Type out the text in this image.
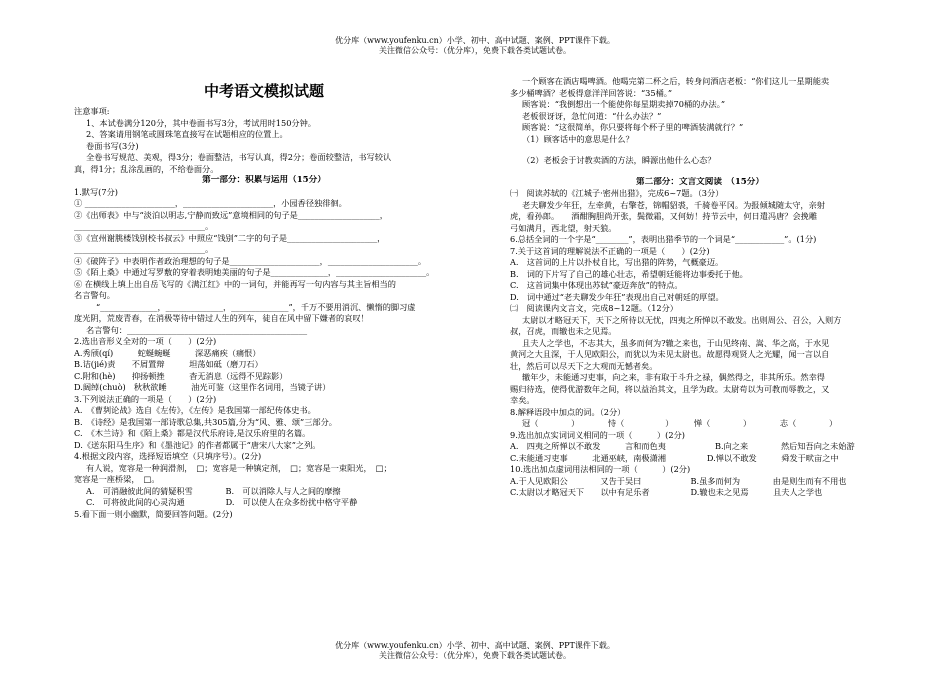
优分库（www.youfenku.cn）小学、初中、高中试题、案例、PPT课件下载。
关注微信公众号：（优分库），免费下载各类试题试卷。
中考语文模拟试题
注意事项:
1、本试卷满分120分，其中卷面书写3分，考试用时150分钟。
2、答案请用钢笔或圆珠笔直接写在试题相应的位置上。
卷面书写(3分)
全卷书写规范、美观，得3分；卷面整洁，书写认真，得2分；卷面较整洁，书写较认
真，得1分；乱涂乱画的，不给卷面分。
第一部分：积累与运用（15分）
1.默写(7分)
① ______________________，______________________，小园香径独徘徊。
②《出师表》中与“淡泊以明志,宁静而致远”意境相同的句子是____________________，
________________________________。
③《宣州谢朓楼饯别校书叔云》中照应“饯别”二字的句子是______________________，
________________________________。
④《破阵子》中表明作者政治理想的句子是______________________，______________________。
⑤《陌上桑》中通过写罗敷的穿着表明她美丽的句子是______________，______________________。
⑥ 在横线上填上出自岳飞写的《满江红》中的一词句，并能再写一句内容与其主旨相当的
名言警句。
“______________，______________，______________”，千万不要用消沉、懒惰的脚习虚
度光阴，荒废青春，在消极等待中错过人生的列车，徒自在风中留下嫌者的哀叹！
名言警句：____________________________________________
2.选出音形义全对的一项（　　）(2分)
A.秀颀(qí)　　　蛇蜒蜿蜒　　　深恶痛疾（痛恨）
B.诘(jié)责　　不屑置辩　　　坦荡如砥（磨刀石）
C.附和(hè)　　抑扬顿挫　　　杳无消息（远得不见踪影）
D.阔绰(chuò)　秋秋欲睡　　　油光可鉴（这里作名词用，当镜子讲）
3.下列说法正确的一项是（　　）(2分)
A.　《曹刿论战》选自《左传》，《左传》是我国第一部纪传体史书。
B.　《诗经》是我国第一部诗歌总集,共305篇,分为“风、雅、颂”三部分。
C.　《木兰诗》和《陌上桑》都是汉代乐府诗,是汉乐府里的名篇。
D.《送东阳马生序》和《墨池记》的作者都属于“唐宋八大家”之列。
4.根据文段内容，选择短语填空（只填序号）。(2分)
有人说，宽容是一种润滑剂，　□；宽容是一种镇定剂，　□；宽容是一束阳光，　□；
宽容是一座桥梁，　□。
A.　可消融彼此间的猜疑积雪　　　　B.　可以消除人与人之间的摩擦
C.　可将彼此间的心灵沟通　　　　　D.　可以使人在众多纷扰中格守平静
5.看下面一则小幽默，简要回答问题。(2分)
一个顾客在酒店喝啤酒。他喝完第二杯之后，转身问酒店老板：“你们这儿一星期能卖
多少桶啤酒？老板得意洋洋回答说：“35桶。”
顾客说：“我倒想出一个能使你每星期卖掉70桶的办法。”
老板很讶讶，急忙问道：“什么办法？”
顾客说：“这很简单，你只要将每个杯子里的啤酒装满就行？”
（1）顾客话中的意思是什么？
（2）老板会于讨教卖酒的方法，瞬源出他什么心态？
第二部分：文言文阅读　（15分）
㈠　阅读苏轼的《江城子·密州出猎》，完成6~7题。（3分）
老夫聊发少年狂，左牵黄，右擎苍，锦帽貂裘，千骑卷平冈。为报倾城随太守，亲射
虎，看孙郎。　　酒酣胸胆尚开张，鬓微霜，又何妨！持节云中，何日遣冯唐？会挽雕
弓如满月，西北望，射天狼。
6.总括全词的一个字是“________”，表明出猎季节的一个词是“____________”。(1分)
7.关于这首词的理解说法不正确的一项是（　　）(2分)
A.　这首词的上片以扑杖自比，写出猎的阵势，气概豪迈。
B.　词的下片写了自己的雄心壮志，希望朝廷能将边事委托于他。
C.　这首词集中体现出苏轼“豪迈奔放”的特点。
D.　词中通过“老夫聊发少年狂”表现出自己对朝廷的厚望。
㈡　阅读课内文言文，完成8~12题。（12分）
太尉以才略冠天下，天下之所待以无忧，四夷之所惮以不敢发。出则周公、召公，入则方
叔，召虎，而辙也未之见焉。
且夫人之学也，不志其大，虽多而何为?辙之来也，于山见终南、嵩、华之高，于水见
黄河之大且深，于人见欧阳公，而犹以为未见太尉也。故愿得观贤人之光耀，闻一言以自
壮，然后可以尽天下之大观而无憾者矣。
辙年少，未能通习吏事，向之来，非有取于斗升之禄，偶然得之，非其所乐。然幸得
赐归待选，使得优游数年之间，将以益治其文，且学为政。太尉苟以为可教而辱教之，又
幸矣。
8.解释语段中加点的词。（2分）
冠（　　　　）　　　　恃（　　　　　）　　　惮（　　　　）　　　　志（　　　　）
9.选出加点实词词义相同的一项（　　　）(2分)
A.　四夷之所惮以不敢发　　　言和而色夷　　　　　　B.向之来　　　　然后知吾向之未始游
C.未能通习吏事　　　北通巫峡，南极潇湘　　　　　D.惮以不敢发　　　舜发于畎亩之中
10.选出加点虚词用法相同的一项（　　　）(2分)
A.于人见欧阳公　　　　又告于吴曰　　　　　　B.虽多而何为　　　　由是则生而有不用也
C.太尉以才略冠天下　　以中有足乐者　　　　　D.辙也未之见焉　　　且夫人之学也
优分库（www.youfenku.cn）小学、初中、高中试题、案例、PPT课件下载。
关注微信公众号：（优分库），免费下载各类试题试卷。
